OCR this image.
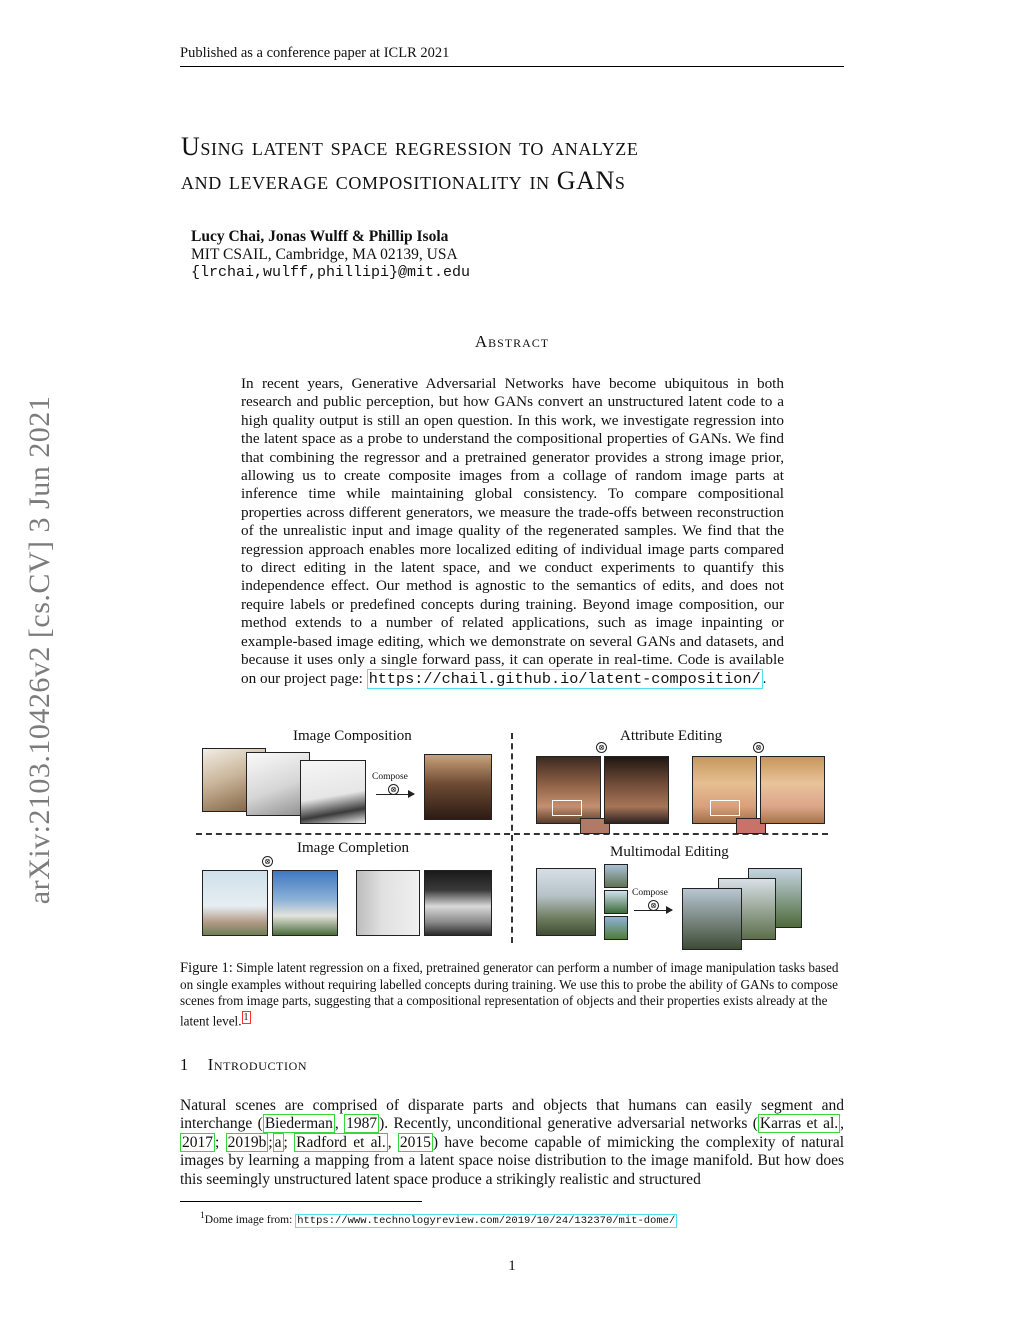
Published as a conference paper at ICLR 2021
arXiv:2103.10426v2 [cs.CV] 3 Jun 2021
Using latent space regression to analyze
and leverage compositionality in GANs
Lucy Chai, Jonas Wulff & Phillip Isola
MIT CSAIL, Cambridge, MA 02139, USA
{lrchai,wulff,phillipi}@mit.edu
Abstract

In recent years, Generative Adversarial Networks have become ubiquitous in both research and public perception, but how GANs convert an unstructured latent code to a high quality output is still an open question. In this work, we investigate regression into the latent space as a probe to understand the compositional properties of GANs. We find that combining the regressor and a pretrained generator provides a strong image prior, allowing us to create composite images from a collage of random image parts at inference time while maintaining global consistency. To compare compositional properties across different generators, we measure the trade-offs between reconstruction of the unrealistic input and image quality of the regenerated samples. We find that the regression approach enables more localized editing of individual image parts compared to direct editing in the latent space, and we conduct experiments to quantify this independence effect. Our method is agnostic to the semantics of edits, and does not require labels or predefined concepts during training. Beyond image composition, our method extends to a number of related applications, such as image inpainting or example-based image editing, which we demonstrate on several GANs and datasets, and because it uses only a single forward pass, it can operate in real-time. Code is available on our project page: https://chail.github.io/latent-composition/ .

Image Composition	Attribute Editing
Image Completion	Multimodal Editing
Compose
⊗
⊗	⊗
⊗
Compose
⊗

Figure 1: Simple latent regression on a fixed, pretrained generator can perform a number of image manipulation tasks based on single examples without requiring labelled concepts during training. We use this to probe the ability of GANs to compose scenes from image parts, suggesting that a compositional representation of objects and their properties exists already at the latent level. $^1$

1 Introduction

Natural scenes are comprised of disparate parts and objects that humans can easily segment and interchange ( Biederman , 1987 ). Recently, unconditional generative adversarial networks ( Karras et al. , 2017 ; 2019b ; a ; Radford et al. , 2015 ) have become capable of mimicking the complexity of natural images by learning a mapping from a latent space noise distribution to the image manifold. But how does this seemingly unstructured latent space produce a strikingly realistic and structured

$^1$Dome image from: https://www.technologyreview.com/2019/10/24/132370/mit-dome/
1
